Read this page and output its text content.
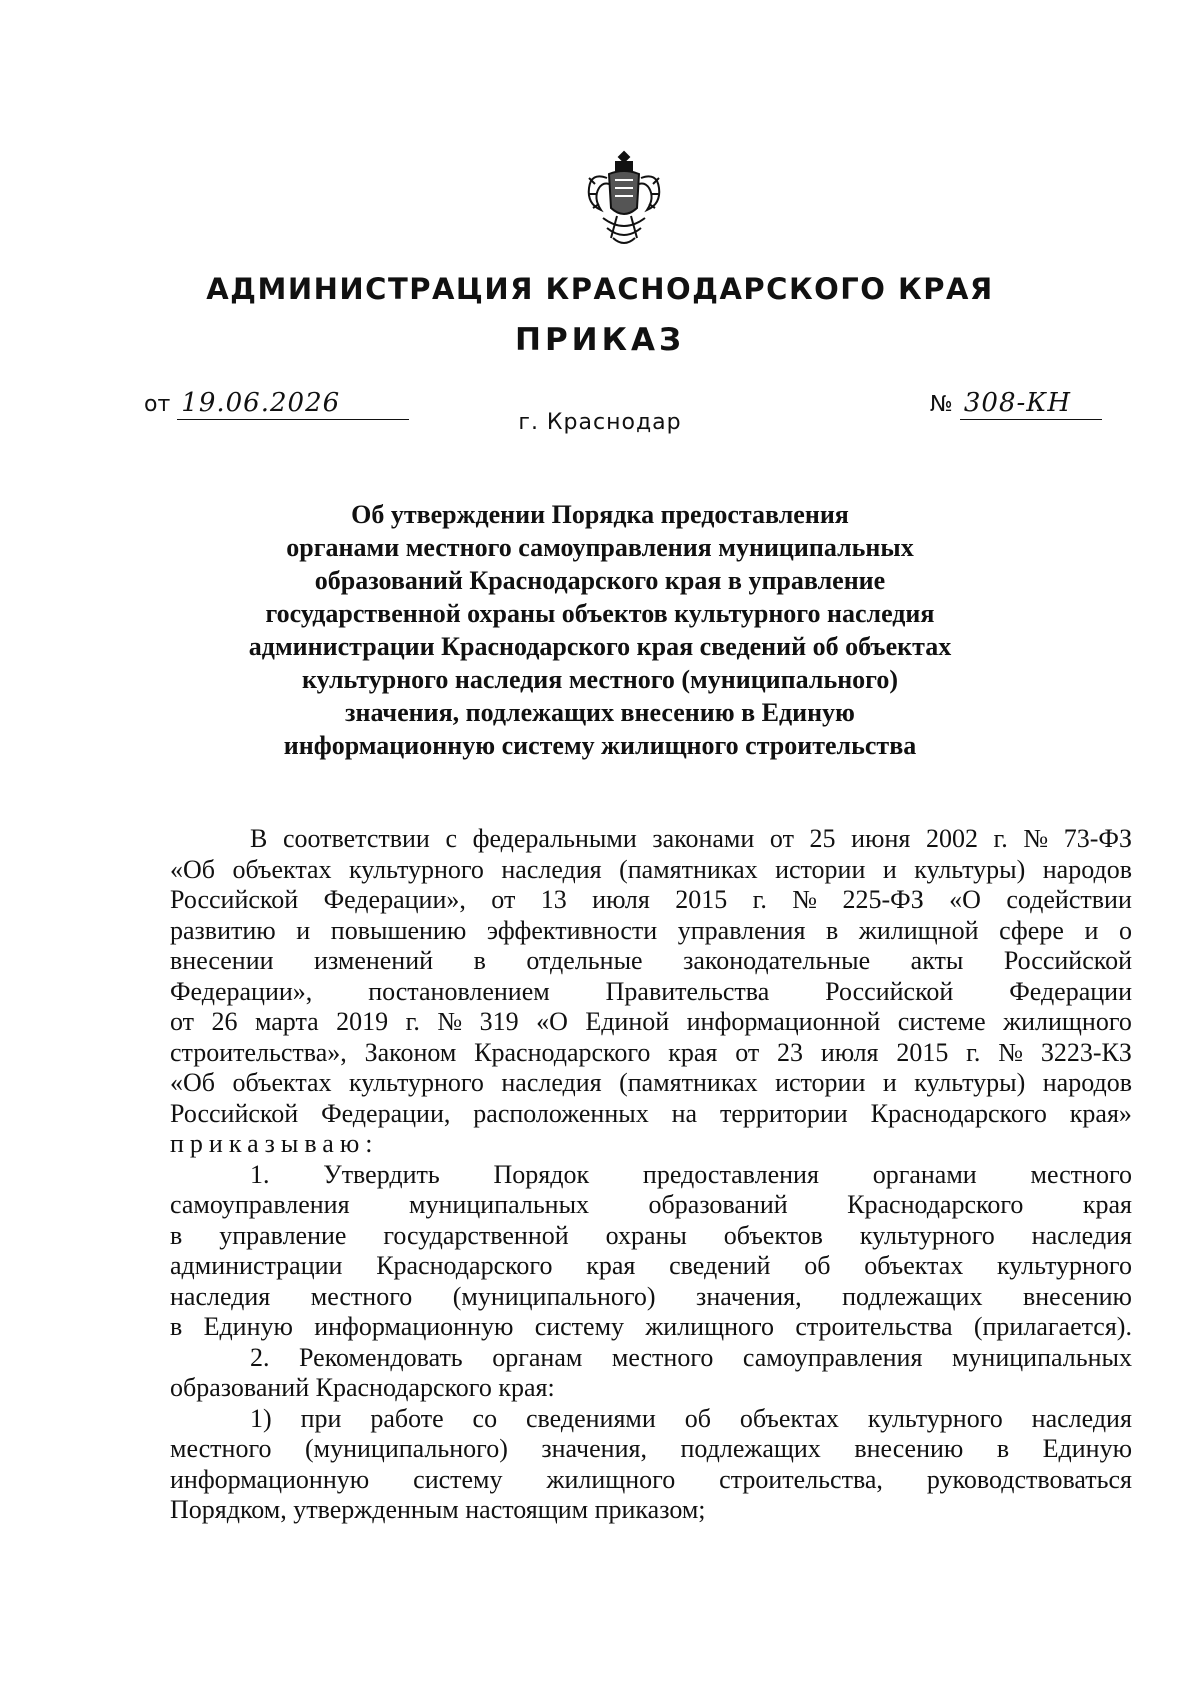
АДМИНИСТРАЦИЯ КРАСНОДАРСКОГО КРАЯ
ПРИКАЗ
от 19.06.2026	№ 308-КН
г. Краснодар
Об утверждении Порядка предоставления
органами местного самоуправления муниципальных
образований Краснодарского края в управление
государственной охраны объектов культурного наследия
администрации Краснодарского края сведений об объектах
культурного наследия местного (муниципального)
значения, подлежащих внесению в Единую
информационную систему жилищного строительства
В соответствии с федеральными законами от 25 июня 2002 г. № 73-ФЗ
«Об объектах культурного наследия (памятниках истории и культуры) народов
Российской Федерации», от 13 июля 2015 г. № 225-ФЗ «О содействии
развитию и повышению эффективности управления в жилищной сфере и о
внесении изменений в отдельные законодательные акты Российской
Федерации», постановлением Правительства Российской Федерации
от 26 марта 2019 г. № 319 «О Единой информационной системе жилищного
строительства», Законом Краснодарского края от 23 июля 2015 г. № 3223-КЗ
«Об объектах культурного наследия (памятниках истории и культуры) народов
Российской Федерации, расположенных на территории Краснодарского края»
приказываю:
1. Утвердить Порядок предоставления органами местного
самоуправления муниципальных образований Краснодарского края
в управление государственной охраны объектов культурного наследия
администрации Краснодарского края сведений об объектах культурного
наследия местного (муниципального) значения, подлежащих внесению
в Единую информационную систему жилищного строительства (прилагается).
2. Рекомендовать органам местного самоуправления муниципальных
образований Краснодарского края:
1) при работе со сведениями об объектах культурного наследия
местного (муниципального) значения, подлежащих внесению в Единую
информационную систему жилищного строительства, руководствоваться
Порядком, утвержденным настоящим приказом;
